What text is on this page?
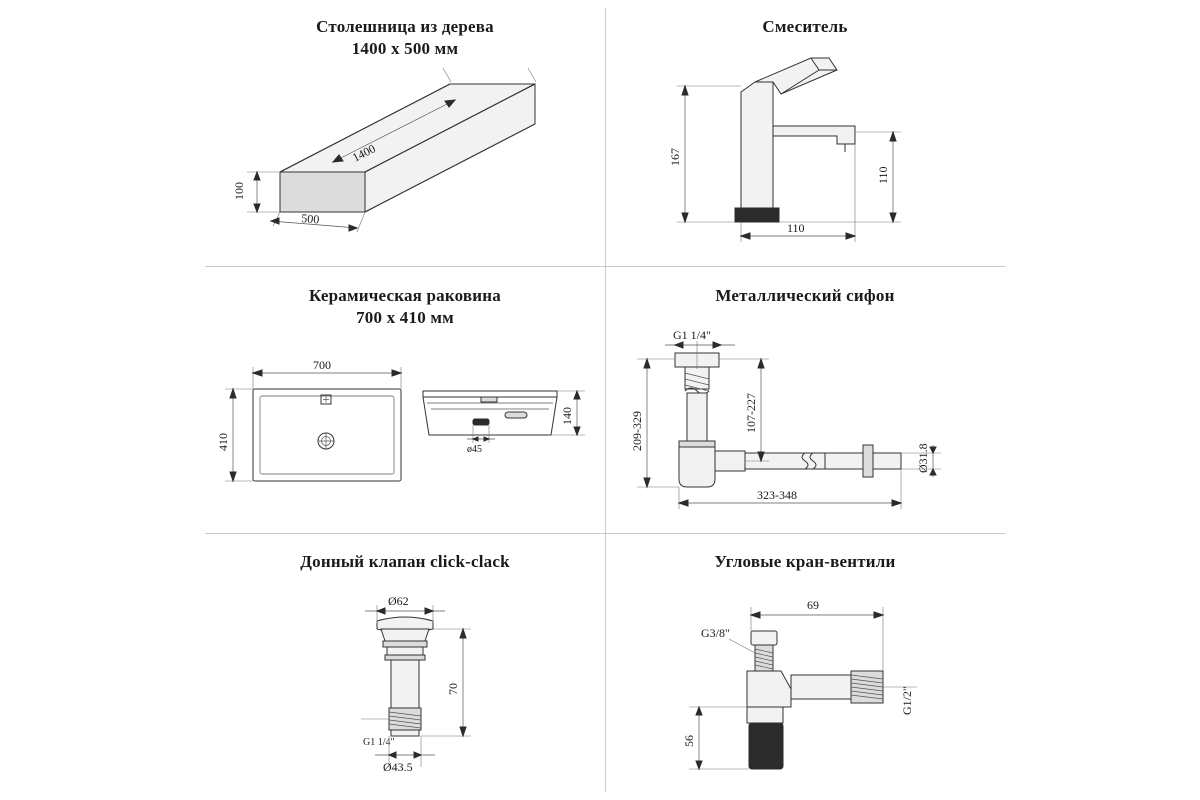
Столешница из дерева
1400 x 500 мм
1400
100
500
Смеситель
167
110
110
Керамическая раковина
700 x 410 мм
700
410
140
ø45
Металлический сифон
G1 1/4"
107-227
209-329
323-348
Ø31.8
Донный клапан click-clack
Ø62
70
G1 1/4"
Ø43.5
Угловые кран-вентили
69
G3/8"
G1/2"
56
